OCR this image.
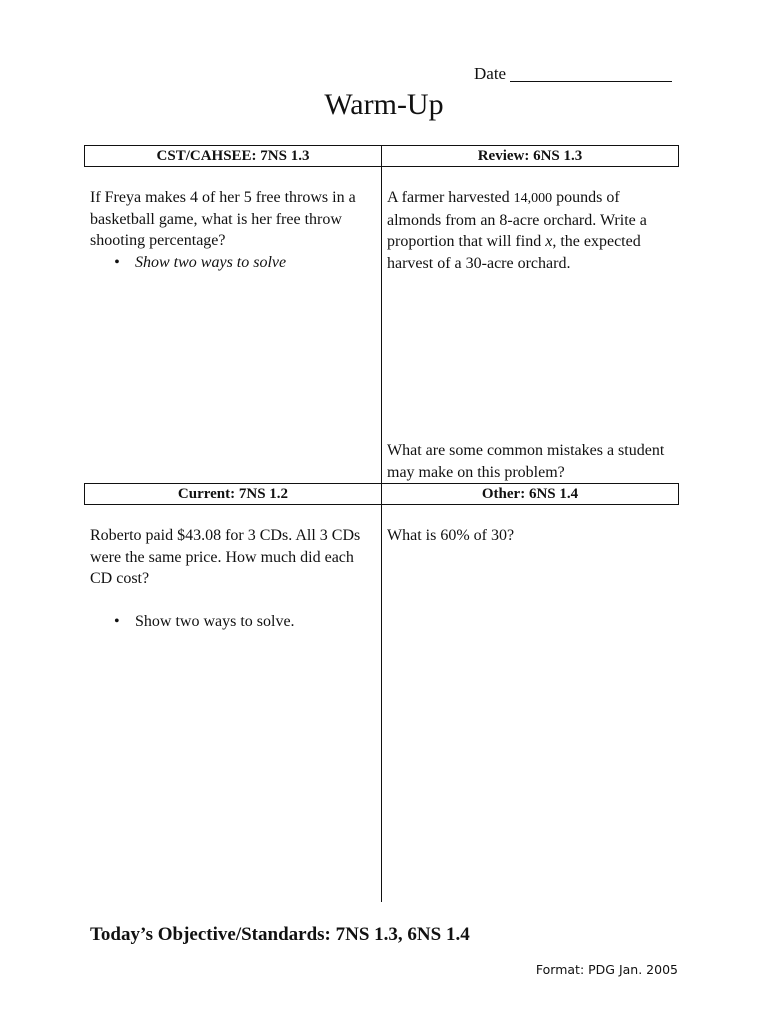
Date
Warm-Up
CST/CAHSEE: 7NS 1.3	Review: 6NS 1.3

If Freya makes 4 of her 5 free throws in a basketball game, what is her free throw shooting percentage?

• Show two ways to solve

A farmer harvested 14,000 pounds of almonds from an 8-acre orchard. Write a proportion that will find x, the expected harvest of a 30-acre orchard.

What are some common mistakes a student may make on this problem?

Current: 7NS 1.2	Other: 6NS 1.4

Roberto paid $43.08 for 3 CDs. All 3 CDs were the same price. How much did each CD cost?

• Show two ways to solve.

What is 60% of 30?

Today’s Objective/Standards: 7NS 1.3, 6NS 1.4
Format: PDG Jan. 2005
